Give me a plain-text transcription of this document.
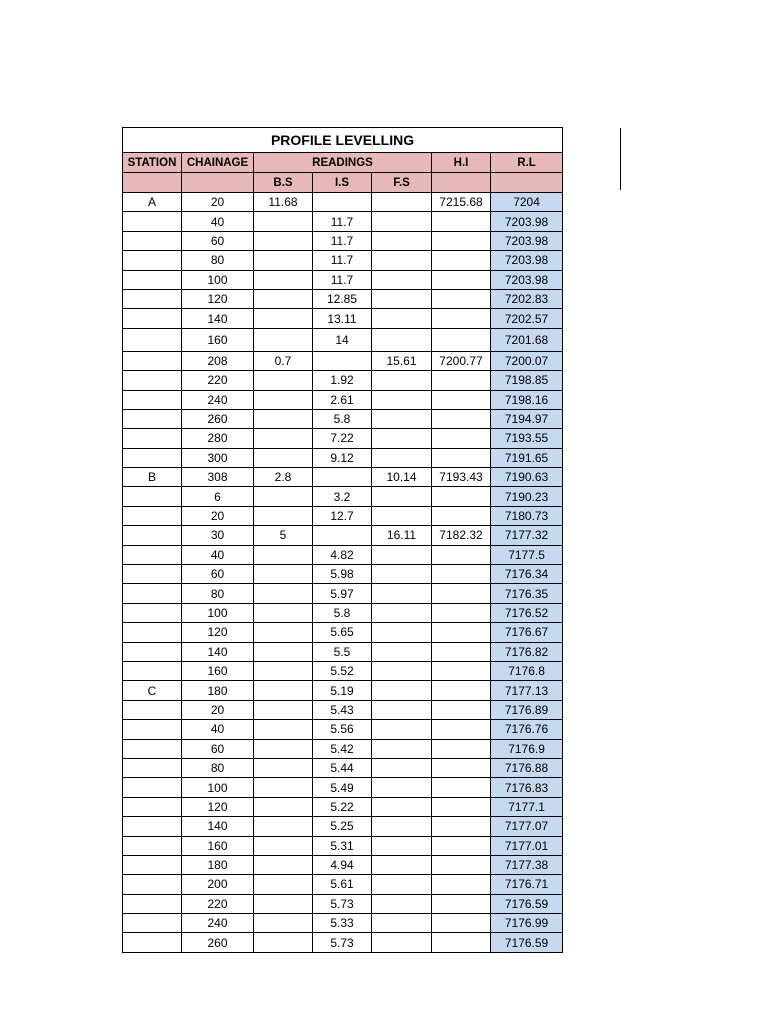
PROFILE LEVELLING						
STATION	CHAINAGE	READINGS			H.I	R.L
		B.S	I.S	F.S		
A	20	11.68			7215.68	7204
	40		11.7			7203.98
	60		11.7			7203.98
	80		11.7			7203.98
	100		11.7			7203.98
	120		12.85			7202.83
	140		13.11			7202.57
	160		14			7201.68
	208	0.7		15.61	7200.77	7200.07
	220		1.92			7198.85
	240		2.61			7198.16
	260		5.8			7194.97
	280		7.22			7193.55
	300		9.12			7191.65
B	308	2.8		10.14	7193.43	7190.63
	6		3.2			7190.23
	20		12.7			7180.73
	30	5		16.11	7182.32	7177.32
	40		4.82			7177.5
	60		5.98			7176.34
	80		5.97			7176.35
	100		5.8			7176.52
	120		5.65			7176.67
	140		5.5			7176.82
	160		5.52			7176.8
C	180		5.19			7177.13
	20		5.43			7176.89
	40		5.56			7176.76
	60		5.42			7176.9
	80		5.44			7176.88
	100		5.49			7176.83
	120		5.22			7177.1
	140		5.25			7177.07
	160		5.31			7177.01
	180		4.94			7177.38
	200		5.61			7176.71
	220		5.73			7176.59
	240		5.33			7176.99
	260		5.73			7176.59
